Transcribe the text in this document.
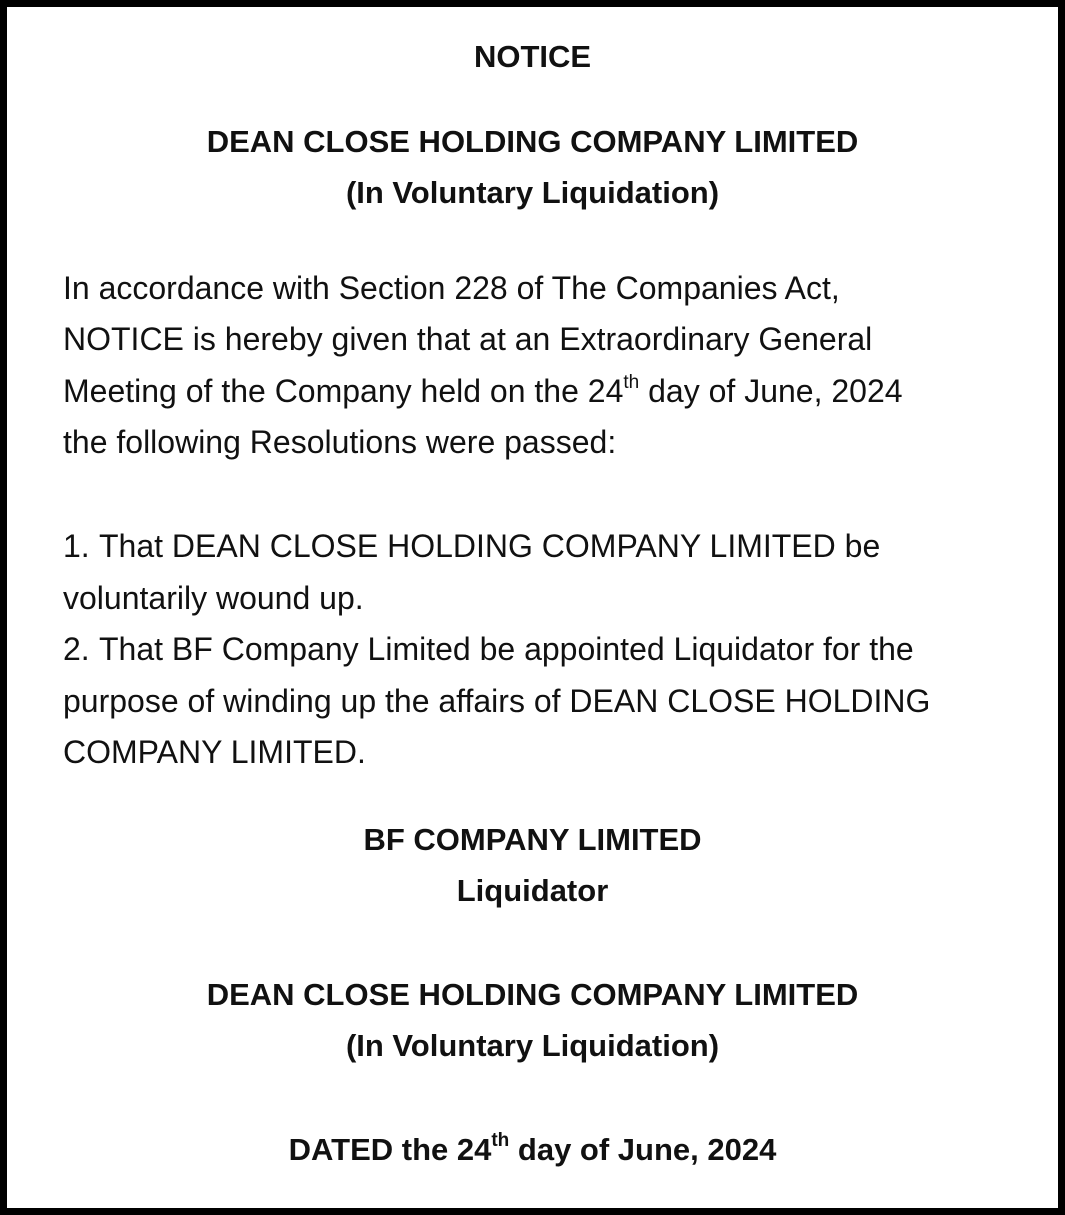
NOTICE
DEAN CLOSE HOLDING COMPANY LIMITED
(In Voluntary Liquidation)
In accordance with Section 228 of The Companies Act,
NOTICE is hereby given that at an Extraordinary General
Meeting of the Company held on the 24th day of June, 2024
the following Resolutions were passed:
1. That DEAN CLOSE HOLDING COMPANY LIMITED be
voluntarily wound up.
2. That BF Company Limited be appointed Liquidator for the
purpose of winding up the affairs of DEAN CLOSE HOLDING
COMPANY LIMITED.
BF COMPANY LIMITED
Liquidator
DEAN CLOSE HOLDING COMPANY LIMITED
(In Voluntary Liquidation)
DATED the 24th day of June, 2024
